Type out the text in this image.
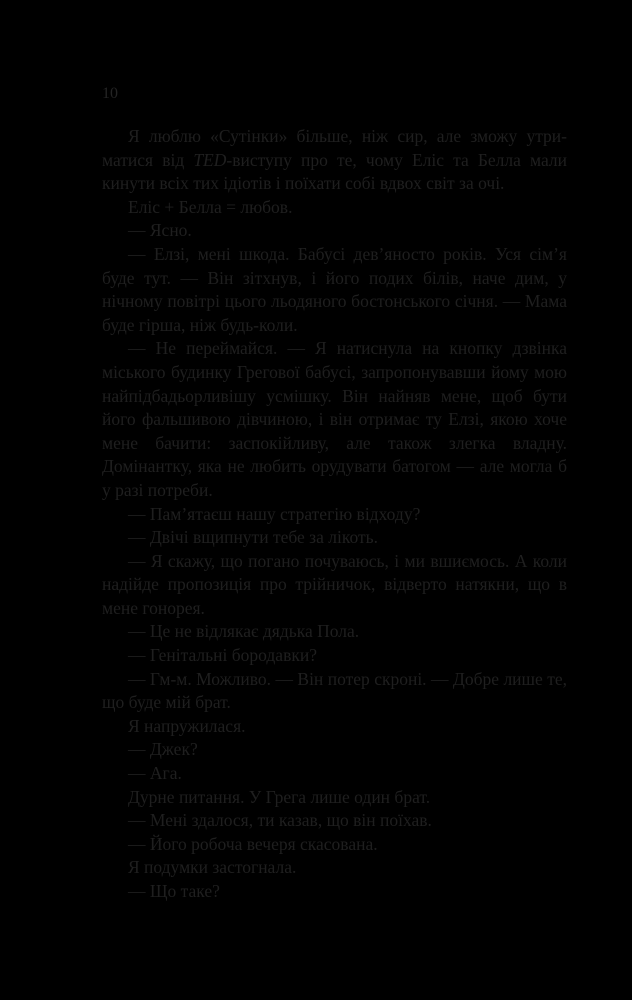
10

Я люблю «Сутінки» більше, ніж сир, але зможу утриматися від TED-виступу про те, чому Еліс та Белла мали кинути всіх тих ідіотів і поїхати собі вдвох світ за очі.

Еліс + Белла = любов.

— Ясно.

— Елзі, мені шкода. Бабусі дев’яносто років. Уся сім’я буде тут. — Він зітхнув, і його подих білів, наче дим, у нічному повітрі цього льодяного бостонського січня. — Мама буде гірша, ніж будь-коли.

— Не переймайся. — Я натиснула на кнопку дзвінка міського будинку Грегової бабусі, запропонувавши йому мою найпідбадьорливішу усмішку. Він найняв мене, щоб бути його фальшивою дівчиною, і він отримає ту Елзі, якою хоче мене бачити: заспокійливу, але також злегка владну. Домінантку, яка не любить орудувати батогом — але могла б у разі потреби.

— Пам’ятаєш нашу стратегію відходу?

— Двічі вщипнути тебе за лікоть.

— Я скажу, що погано почуваюсь, і ми вшиємось. А коли надійде пропозиція про трійничок, відверто натякни, що в мене гонорея.

— Це не відлякає дядька Пола.

— Генітальні бородавки?

— Гм-м. Можливо. — Він потер скроні. — Добре лише те, що буде мій брат.

Я напружилася.

— Джек?

— Ага.

Дурне питання. У Грега лише один брат.

— Мені здалося, ти казав, що він поїхав.

— Його робоча вечеря скасована.

Я подумки застогнала.

— Що таке?
